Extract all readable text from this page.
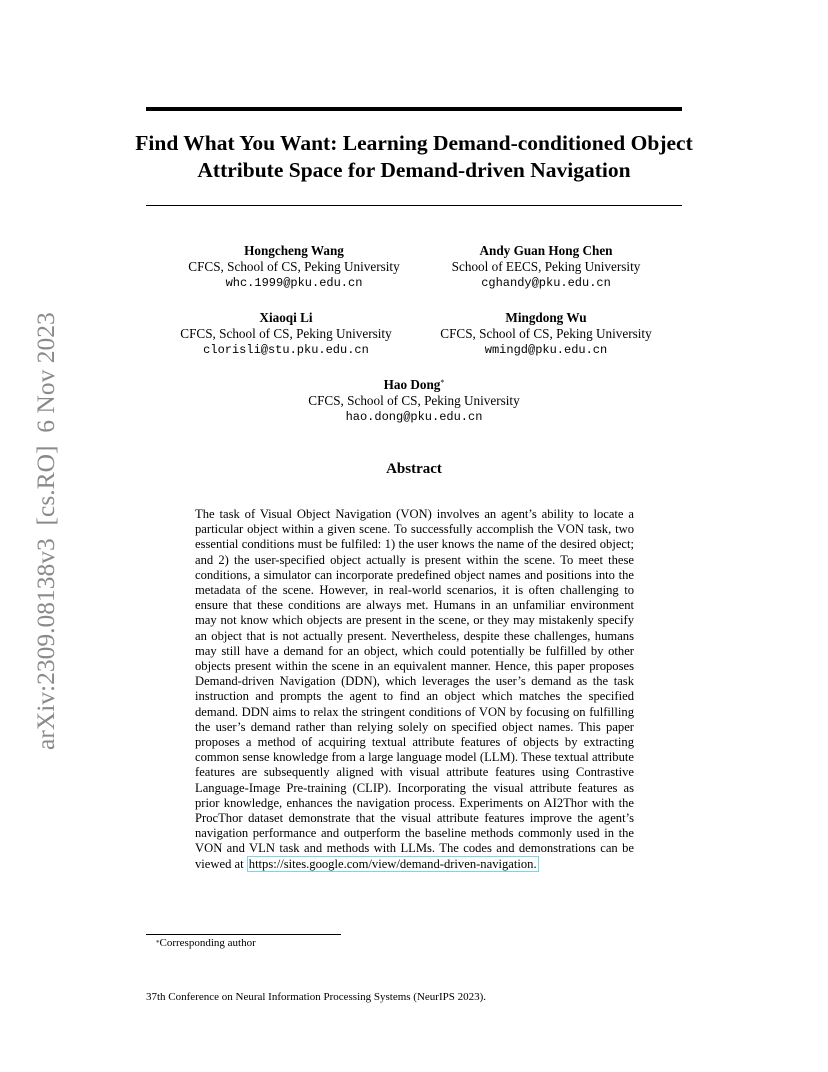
Find What You Want: Learning Demand-conditioned Object Attribute Space for Demand-driven Navigation
arXiv:2309.08138v3  [cs.RO]  6 Nov 2023
Hongcheng Wang
CFCS, School of CS, Peking University
whc.1999@pku.edu.cn
Andy Guan Hong Chen
School of EECS, Peking University
cghandy@pku.edu.cn
Xiaoqi Li
CFCS, School of CS, Peking University
clorisli@stu.pku.edu.cn
Mingdong Wu
CFCS, School of CS, Peking University
wmingd@pku.edu.cn
Hao Dong*
CFCS, School of CS, Peking University
hao.dong@pku.edu.cn
Abstract

The task of Visual Object Navigation (VON) involves an agent’s ability to locate a particular object within a given scene. To successfully accomplish the VON task, two essential conditions must be fulfiled: 1) the user knows the name of the desired object; and 2) the user-specified object actually is present within the scene. To meet these conditions, a simulator can incorporate predefined object names and positions into the metadata of the scene. However, in real-world scenarios, it is often challenging to ensure that these conditions are always met. Humans in an unfamiliar environment may not know which objects are present in the scene, or they may mistakenly specify an object that is not actually present. Nevertheless, despite these challenges, humans may still have a demand for an object, which could potentially be fulfilled by other objects present within the scene in an equivalent manner. Hence, this paper proposes Demand-driven Navigation (DDN), which leverages the user’s demand as the task instruction and prompts the agent to find an object which matches the specified demand. DDN aims to relax the stringent conditions of VON by focusing on fulfilling the user’s demand rather than relying solely on specified object names. This paper proposes a method of acquiring textual attribute features of objects by extracting common sense knowledge from a large language model (LLM). These textual attribute features are subsequently aligned with visual attribute features using Contrastive Language-Image Pre-training (CLIP). Incorporating the visual attribute features as prior knowledge, enhances the navigation process. Experiments on AI2Thor with the ProcThor dataset demonstrate that the visual attribute features improve the agent’s navigation performance and outperform the baseline methods commonly used in the VON and VLN task and methods with LLMs. The codes and demonstrations can be viewed at https://sites.google.com/view/demand-driven-navigation.

*Corresponding author
37th Conference on Neural Information Processing Systems (NeurIPS 2023).
